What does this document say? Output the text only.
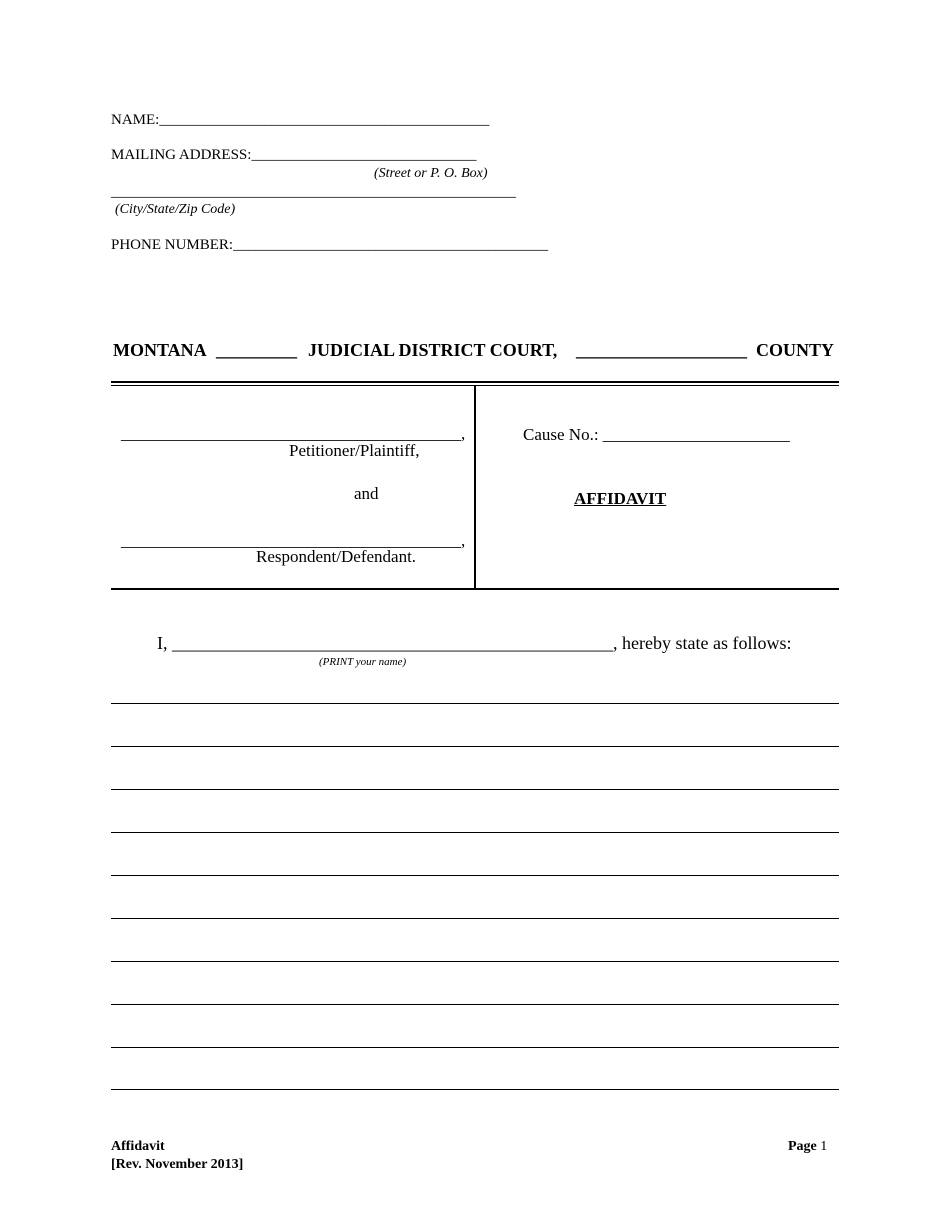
NAME:____________________________________________
MAILING ADDRESS:______________________________
(Street or P. O. Box)
______________________________________________________
(City/State/Zip Code)
PHONE NUMBER:__________________________________________
MONTANA _________ JUDICIAL DISTRICT COURT, ___________________ COUNTY
________________________________________,
Petitioner/Plaintiff,
and
________________________________________,
Respondent/Defendant.
Cause No.: ______________________
AFFIDAVIT
I, _________________________________________________, hereby state as follows:
(PRINT your name)
Affidavit
[Rev. November 2013]
Page 1
